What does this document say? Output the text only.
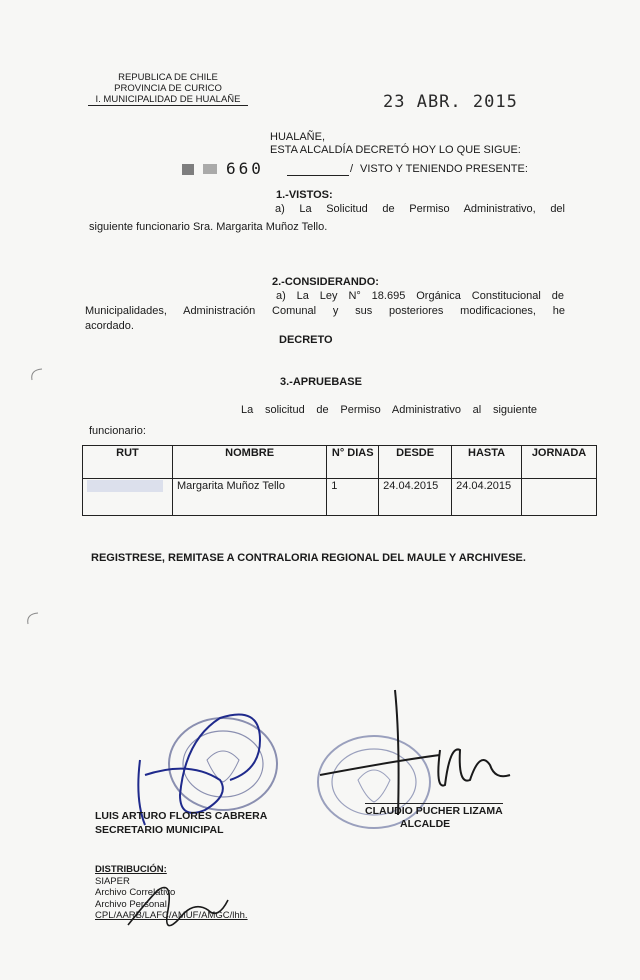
REPUBLICA DE CHILE
PROVINCIA DE CURICO
I. MUNICIPALIDAD DE HUALAÑE	23 ABR. 2015
HUALAÑE,
ESTA ALCALDÍA DECRETÓ HOY LO QUE SIGUE:
660	/ VISTO Y TENIENDO PRESENTE:
1.-VISTOS:
a) La Solicitud de Permiso Administrativo, del
siguiente funcionario Sra. Margarita Muñoz Tello.
2.-CONSIDERANDO:
a) La Ley N° 18.695 Orgánica Constitucional de
Municipalidades, Administración Comunal y sus posteriores modificaciones, he
acordado.
DECRETO
3.-APRUEBASE
La solicitud de Permiso Administrativo al siguiente
funcionario:
RUT	NOMBRE	N° DIAS	DESDE	HASTA	JORNADA
	Margarita Muñoz Tello	1	24.04.2015	24.04.2015	
REGISTRESE, REMITASE A CONTRALORIA REGIONAL DEL MAULE Y ARCHIVESE.
LUIS ARTURO FLORES CABRERA
SECRETARIO MUNICIPAL
CLAUDIO PUCHER LIZAMA
ALCALDE
DISTRIBUCIÓN:
SIAPER
Archivo Correlativo
Archivo Personal
CPL/AARB/LAFC/AMUF/AMGC/lhh.
